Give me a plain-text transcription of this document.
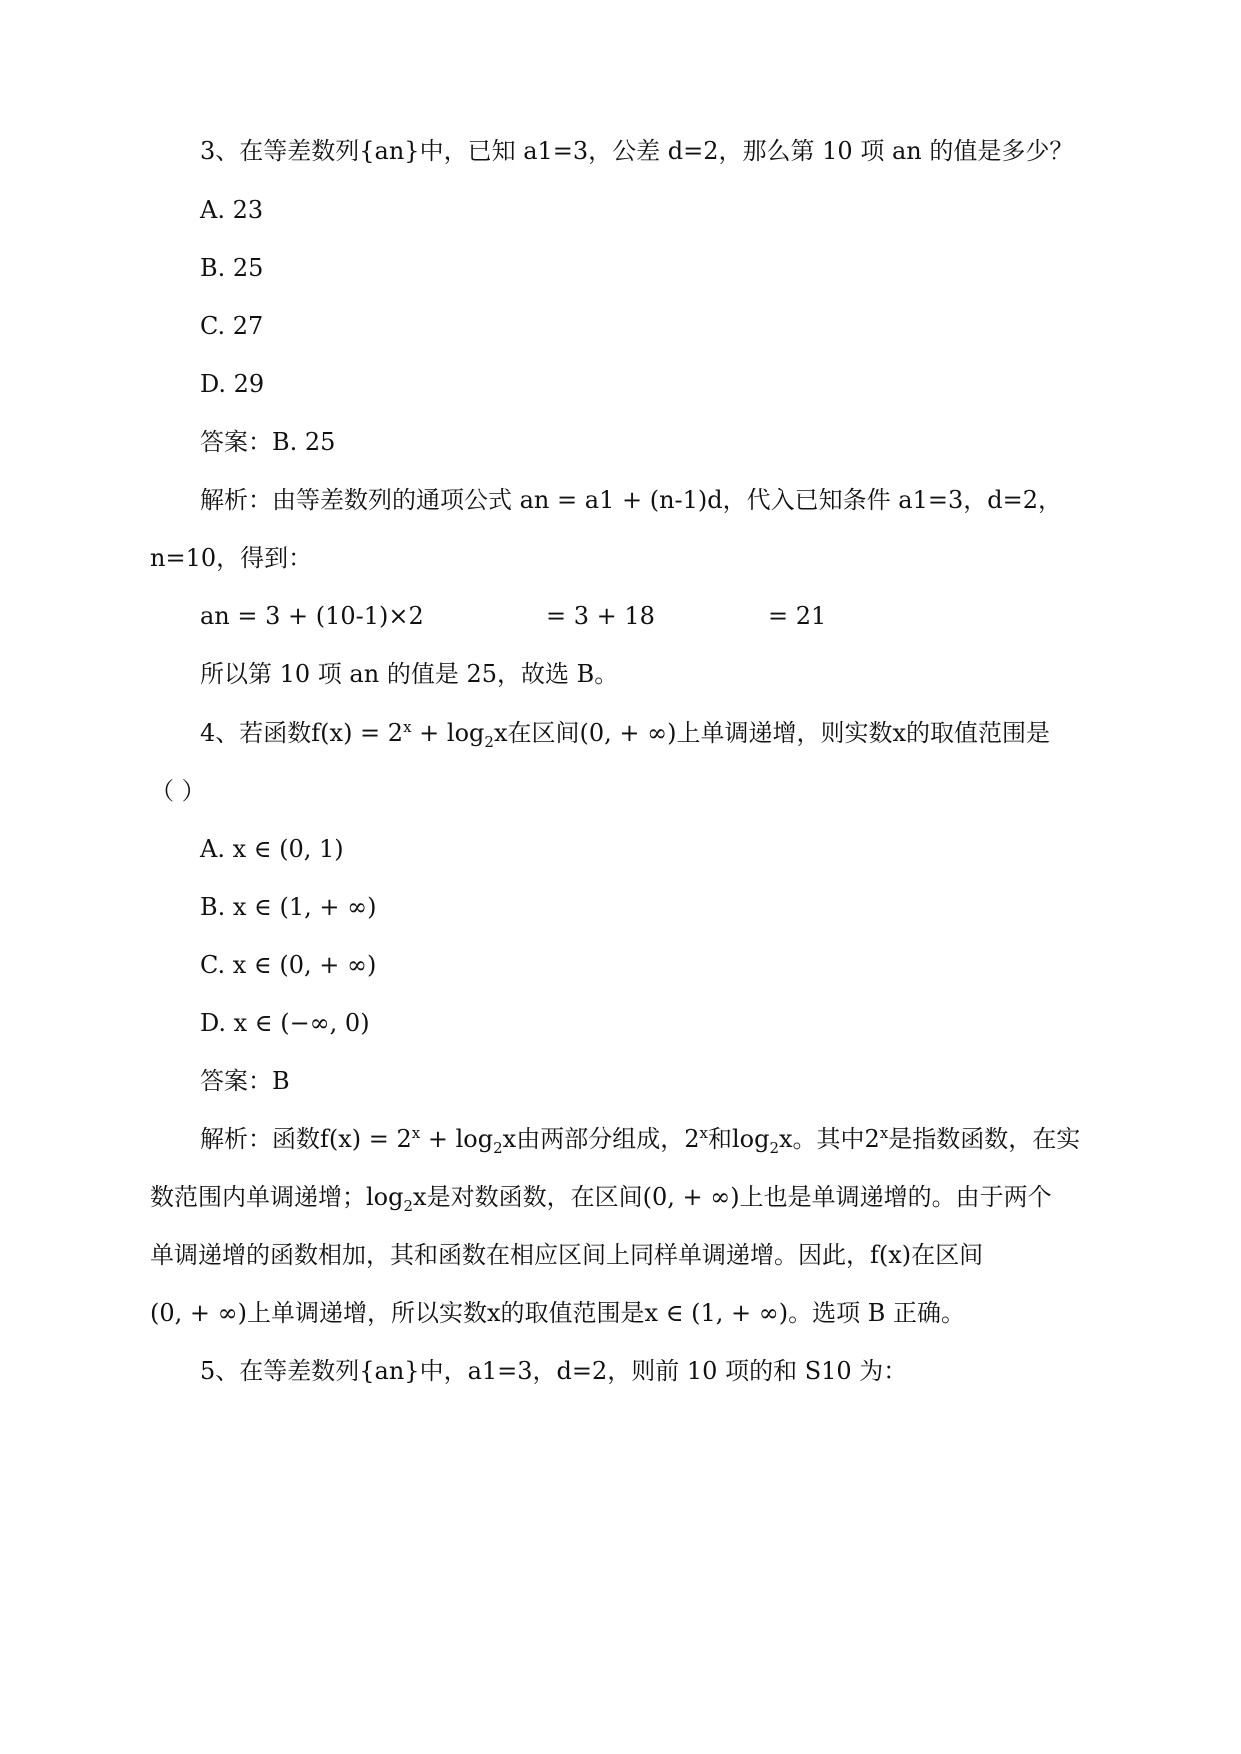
3、在等差数列{an}中，已知 a1=3，公差 d=2，那么第 10 项 an 的值是多少？
A. 23
B. 25
C. 27
D. 29
答案：B. 25
解析：由等差数列的通项公式 an = a1 + (n-1)d，代入已知条件 a1=3，d=2，
n=10，得到：
an = 3 + (10-1)×2	= 3 + 18	= 21
所以第 10 项 an 的值是 25，故选 B。
4、若函数$f(x) = 2^x + \log_2x$在区间(0, + ∞)上单调递增，则实数x的取值范围是
（ ）
A. x ∈ (0, 1)
B. x ∈ (1, + ∞)
C. x ∈ (0, + ∞)
D. x ∈ (−∞, 0)
答案：B
解析：函数$f(x) = 2^x + \log_2x$由两部分组成，2$^x$和$\log_2x$。其中2$^x$是指数函数，在实
数范围内单调递增；$\log_2x$是对数函数，在区间(0, + ∞)上也是单调递增的。由于两个
单调递增的函数相加，其和函数在相应区间上同样单调递增。因此，f(x)在区间
(0, + ∞)上单调递增，所以实数x的取值范围是x ∈ (1, + ∞)。选项 B 正确。
5、在等差数列{an}中，a1=3，d=2，则前 10 项的和 S10 为：
